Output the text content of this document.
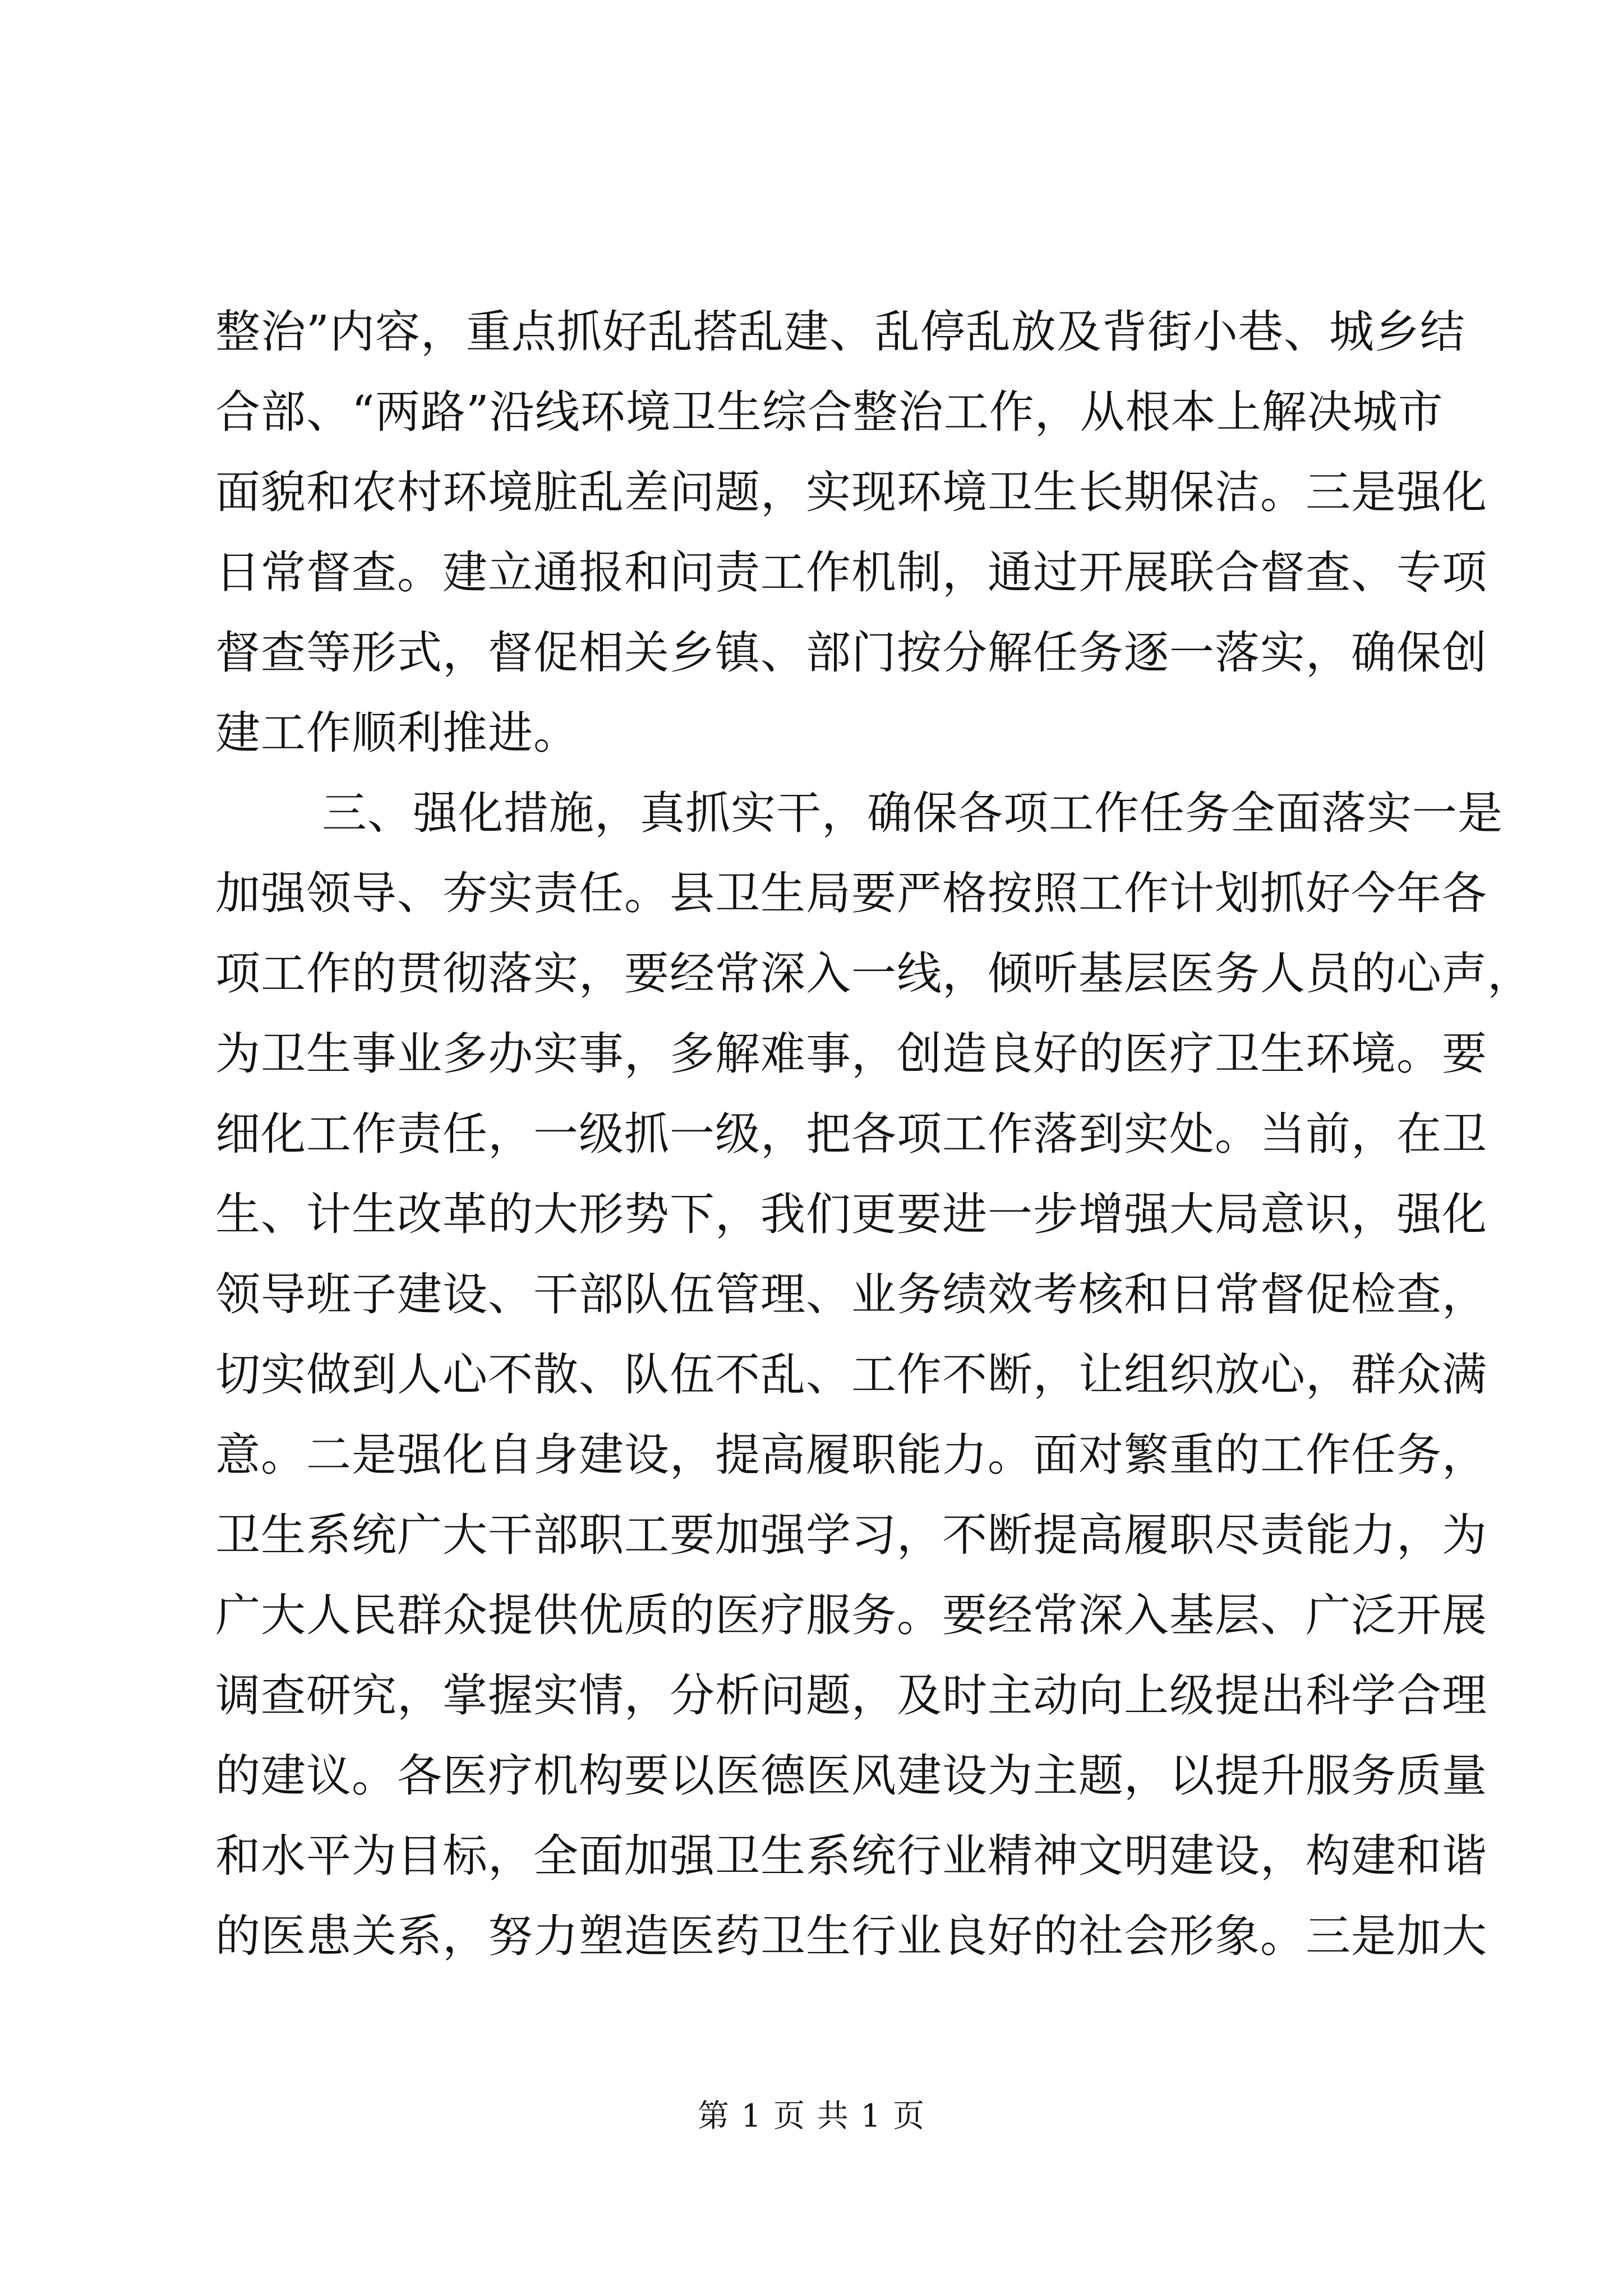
整治”内容，重点抓好乱搭乱建、乱停乱放及背街小巷、城乡结
合部、“两路”沿线环境卫生综合整治工作，从根本上解决城市
面貌和农村环境脏乱差问题，实现环境卫生长期保洁。三是强化
日常督查。建立通报和问责工作机制，通过开展联合督查、专项
督查等形式，督促相关乡镇、部门按分解任务逐一落实，确保创
建工作顺利推进。
三、强化措施，真抓实干，确保各项工作任务全面落实一是
加强领导、夯实责任。县卫生局要严格按照工作计划抓好今年各
项工作的贯彻落实，要经常深入一线，倾听基层医务人员的心声，
为卫生事业多办实事，多解难事，创造良好的医疗卫生环境。要
细化工作责任，一级抓一级，把各项工作落到实处。当前，在卫
生、计生改革的大形势下，我们更要进一步增强大局意识，强化
领导班子建设、干部队伍管理、业务绩效考核和日常督促检查，
切实做到人心不散、队伍不乱、工作不断，让组织放心，群众满
意。二是强化自身建设，提高履职能力。面对繁重的工作任务，
卫生系统广大干部职工要加强学习，不断提高履职尽责能力，为
广大人民群众提供优质的医疗服务。要经常深入基层、广泛开展
调查研究，掌握实情，分析问题，及时主动向上级提出科学合理
的建议。各医疗机构要以医德医风建设为主题，以提升服务质量
和水平为目标，全面加强卫生系统行业精神文明建设，构建和谐
的医患关系，努力塑造医药卫生行业良好的社会形象。三是加大
第 1 页 共 1 页
